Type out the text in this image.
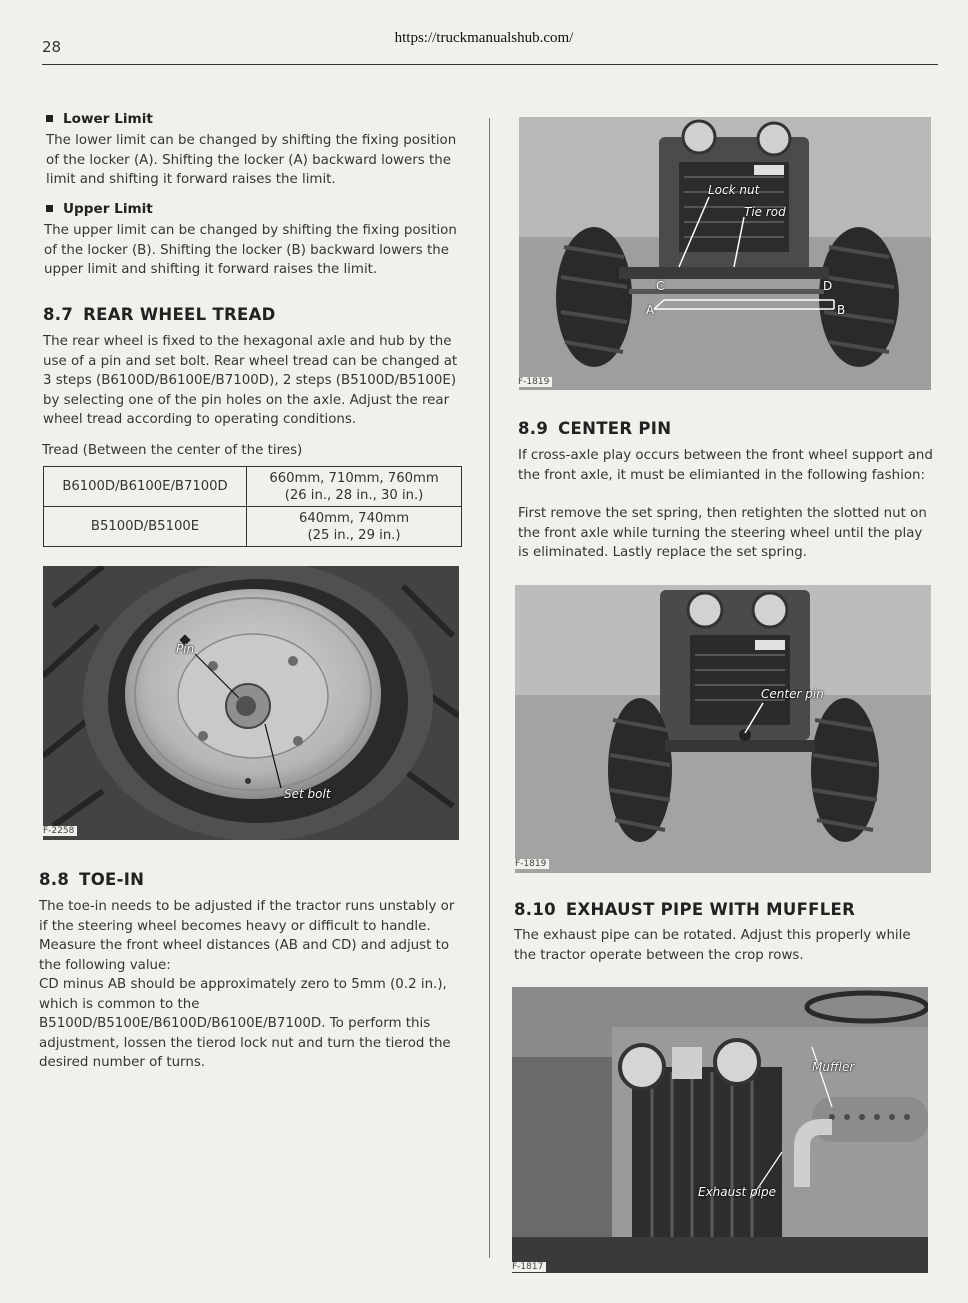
https://truckmanualshub.com/
28
Lower Limit

The lower limit can be changed by shifting the fixing position of the locker (A). Shifting the locker (A) backward lowers the limit and shifting it forward raises the limit.

Upper Limit

The upper limit can be changed by shifting the fixing position of the locker (B). Shifting the locker (B) backward lowers the upper limit and shifting it forward raises the limit.

8.7 REAR WHEEL TREAD

The rear wheel is fixed to the hexagonal axle and hub by the use of a pin and set bolt. Rear wheel tread can be changed at 3 steps (B6100D/B6100E/B7100D), 2 steps (B5100D/B5100E) by selecting one of the pin holes on the axle. Adjust the rear wheel tread according to operating conditions.

Tread (Between the center of the tires)

B6100D/B6100E/B7100D	660mm, 710mm, 760mm
(26 in., 28 in., 30 in.)
B5100D/B5100E	640mm, 740mm
(25 in., 29 in.)
Pin
Set bolt
F-2258
8.8 TOE-IN

The toe-in needs to be adjusted if the tractor runs unstably or if the steering wheel becomes heavy or difficult to handle. Measure the front wheel distances (AB and CD) and adjust to the following value:

CD minus AB should be approximately zero to 5mm (0.2 in.), which is common to the B5100D/B5100E/B6100D/B6100E/B7100D. To perform this adjustment, lossen the tierod lock nut and turn the tierod the desired number of turns.

Lock nut
Tie rod
A	B
C	D
F-1819
8.9 CENTER PIN

If cross-axle play occurs between the front wheel support and the front axle, it must be elimianted in the following fashion:

First remove the set spring, then retighten the slotted nut on the front axle while turning the steering wheel until the play is eliminated. Lastly replace the set spring.

Center pin
F-1819
8.10 EXHAUST PIPE WITH MUFFLER

The exhaust pipe can be rotated. Adjust this properly while the tractor operate between the crop rows.

Muffler
Exhaust pipe
F-1817
